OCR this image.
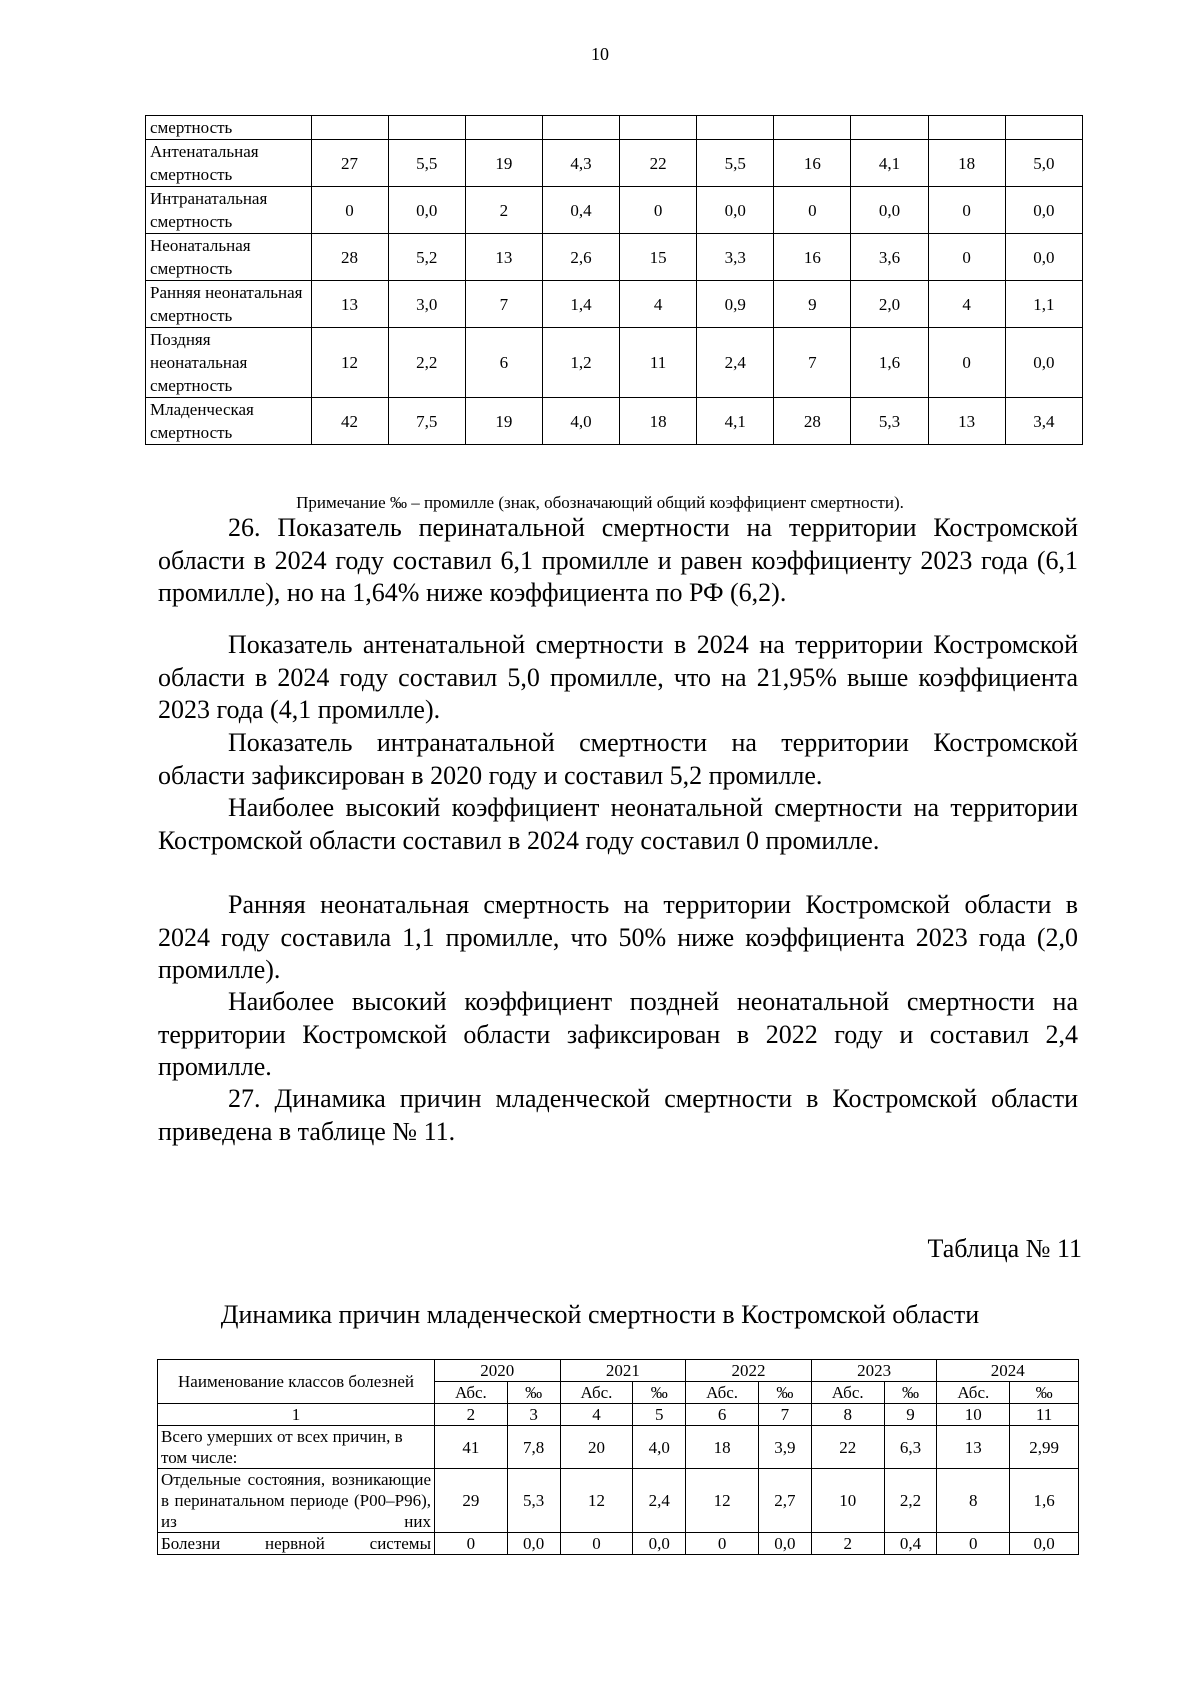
10
смертность										
Антенатальная смертность	27	5,5	19	4,3	22	5,5	16	4,1	18	5,0
Интранатальная смертность	0	0,0	2	0,4	0	0,0	0	0,0	0	0,0
Неонатальная смертность	28	5,2	13	2,6	15	3,3	16	3,6	0	0,0
Ранняя неонатальная смертность	13	3,0	7	1,4	4	0,9	9	2,0	4	1,1
Поздняя неонатальная смертность	12	2,2	6	1,2	11	2,4	7	1,6	0	0,0
Младенческая смертность	42	7,5	19	4,0	18	4,1	28	5,3	13	3,4
Примечание ‰ – промилле (знак, обозначающий общий коэффициент смертности).

26. Показатель перинатальной смертности на территории Костромской области в 2024 году составил 6,1 промилле и равен коэффициенту 2023 года (6,1 промилле), но на 1,64% ниже коэффициента по РФ (6,2).

Показатель антенатальной смертности в 2024 на территории Костромской области в 2024 году составил 5,0 промилле, что на 21,95% выше коэффициента 2023 года (4,1 промилле).

Показатель интранатальной смертности на территории Костромской области зафиксирован в 2020 году и составил 5,2 промилле.

Наиболее высокий коэффициент неонатальной смертности на территории Костромской области составил в 2024 году составил 0 промилле.

Ранняя неонатальная смертность на территории Костромской области в 2024 году составила 1,1 промилле, что 50% ниже коэффициента 2023 года (2,0 промилле).

Наиболее высокий коэффициент поздней неонатальной смертности на территории Костромской области зафиксирован в 2022 году и составил 2,4 промилле.

27. Динамика причин младенческой смертности в Костромской области приведена в таблице № 11.

Таблица № 11
Динамика причин младенческой смертности в Костромской области
Наименование классов болезней	2020		2021		2022		2023		2024	
	Абс.	‰	Абс.	‰	Абс.	‰	Абс.	‰	Абс.	‰
1	2	3	4	5	6	7	8	9	10	11
Всего умерших от всех причин, в том числе:	41	7,8	20	4,0	18	3,9	22	6,3	13	2,99
Отдельные состояния, возникающие в перинатальном периоде (Р00–Р96), из них	29	5,3	12	2,4	12	2,7	10	2,2	8	1,6
Болезни нервной системы	0	0,0	0	0,0	0	0,0	2	0,4	0	0,0
